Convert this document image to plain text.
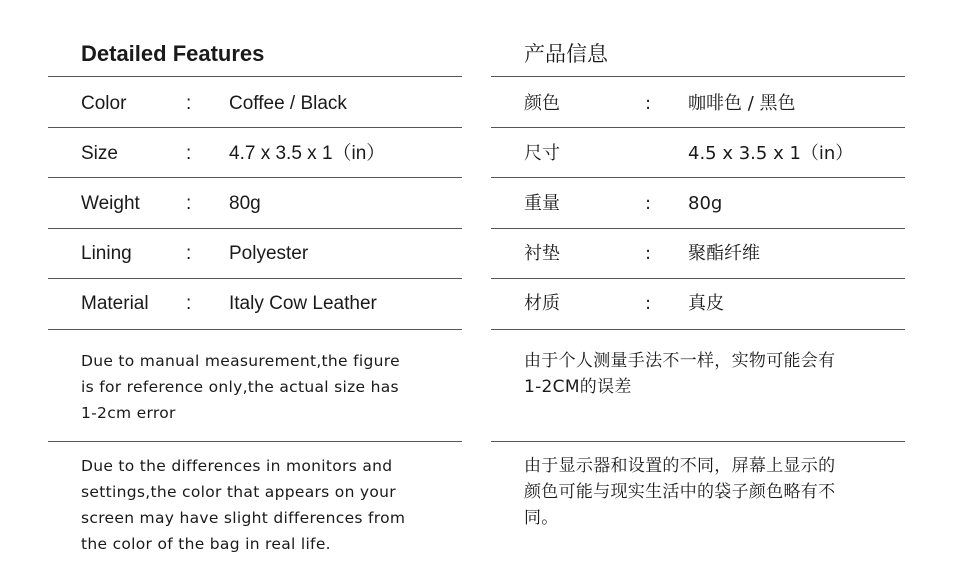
Detailed Features
Color	: Coffee / Black
Size	: 4.7 x 3.5 x 1（in）
Weight : 80g
Lining	: Polyester
Material : Italy Cow Leather
Due to manual measurement,the figure
is for reference only,the actual size has
1-2cm error
Due to the differences in monitors and
settings,the color that appears on your
screen may have slight differences from
the color of the bag in real life.
产品信息
颜色	: 咖啡色 / 黑色
尺寸	4.5 x 3.5 x 1（in）
重量	: 80g
衬垫	: 聚酯纤维
材质	: 真皮
由于个人测量手法不一样，实物可能会有
1-2CM的误差
由于显示器和设置的不同，屏幕上显示的
颜色可能与现实生活中的袋子颜色略有不
同。
